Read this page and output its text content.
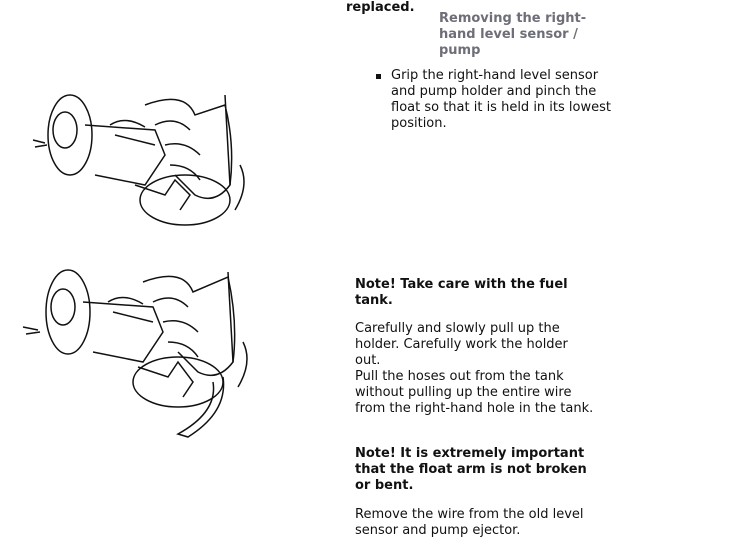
replaced.
Removing the right-hand level sensor / pump
Grip the right-hand level sensor and pump holder and pinch the float so that it is held in its lowest position.

Note! Take care with the fuel tank.

Carefully and slowly pull up the holder. Carefully work the holder out.

Pull the hoses out from the tank without pulling up the entire wire from the right-hand hole in the tank.

Note! It is extremely important that the float arm is not broken or bent.

Remove the wire from the old level sensor and pump ejector.
